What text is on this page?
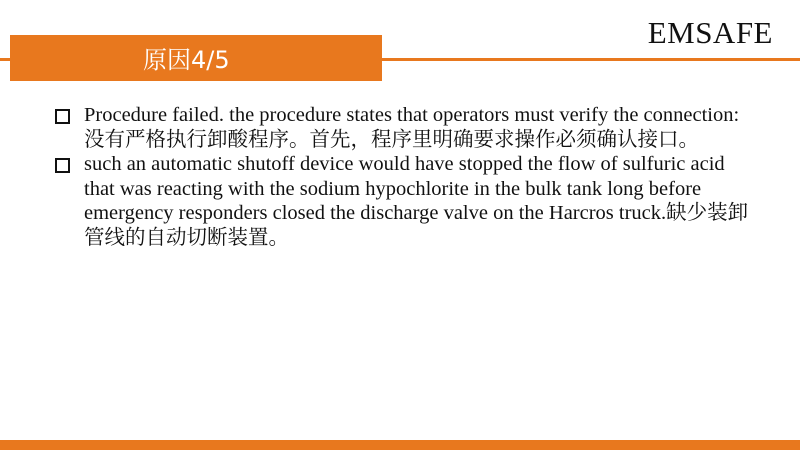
EMSAFE
原因4/5
Procedure failed. the procedure states that operators must verify the connection: 没有严格执行卸酸程序。首先，程序里明确要求操作必须确认接口。
such an automatic shutoff device would have stopped the flow of sulfuric acid that was reacting with the sodium hypochlorite in the bulk tank long before emergency responders closed the discharge valve on the Harcros truck.缺少装卸管线的自动切断装置。
